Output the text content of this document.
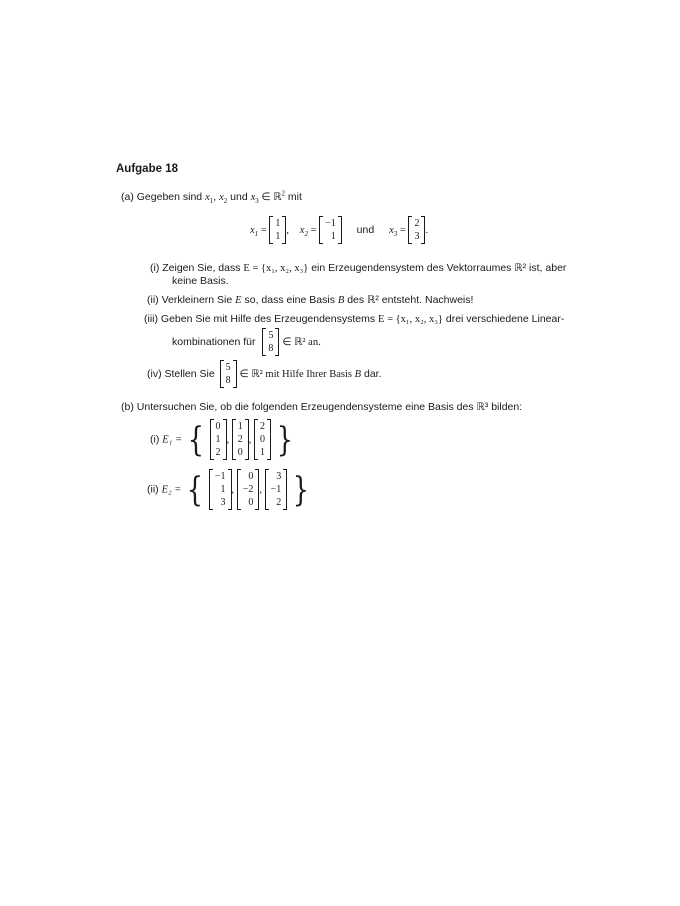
Aufgabe 18
(a) Gegeben sind $x_1$, $x_2$ und $x_3$ ∈ ℝ$^2$ mit
$x_1$ =
1
1
,    $x_2$ =
−1
1
und $x_3$ =
2
3
.
(i) Zeigen Sie, dass E = {x₁, x₂, x₃} ein Erzeugendensystem des Vektorraumes ℝ² ist, aber
keine Basis.
(ii) Verkleinern Sie E so, dass eine Basis B des ℝ² entsteht. Nachweis!
(iii) Geben Sie mit Hilfe des Erzeugendensystems E = {x₁, x₂, x₃} drei verschiedene Linear-
kombinationen für
5
8
∈ ℝ² an.
(iv) Stellen Sie
5
8
∈ ℝ² mit Hilfe Ihrer Basis B dar.
(b) Untersuchen Sie, ob die folgenden Erzeugendensysteme eine Basis des ℝ³ bilden:
(i) E₁ = { 0
1
2
,
1
2
0
,
2
0
1 }
(ii) E₂ = { −1
1
3
,
0
−2
0
,
3
−1
2 }
